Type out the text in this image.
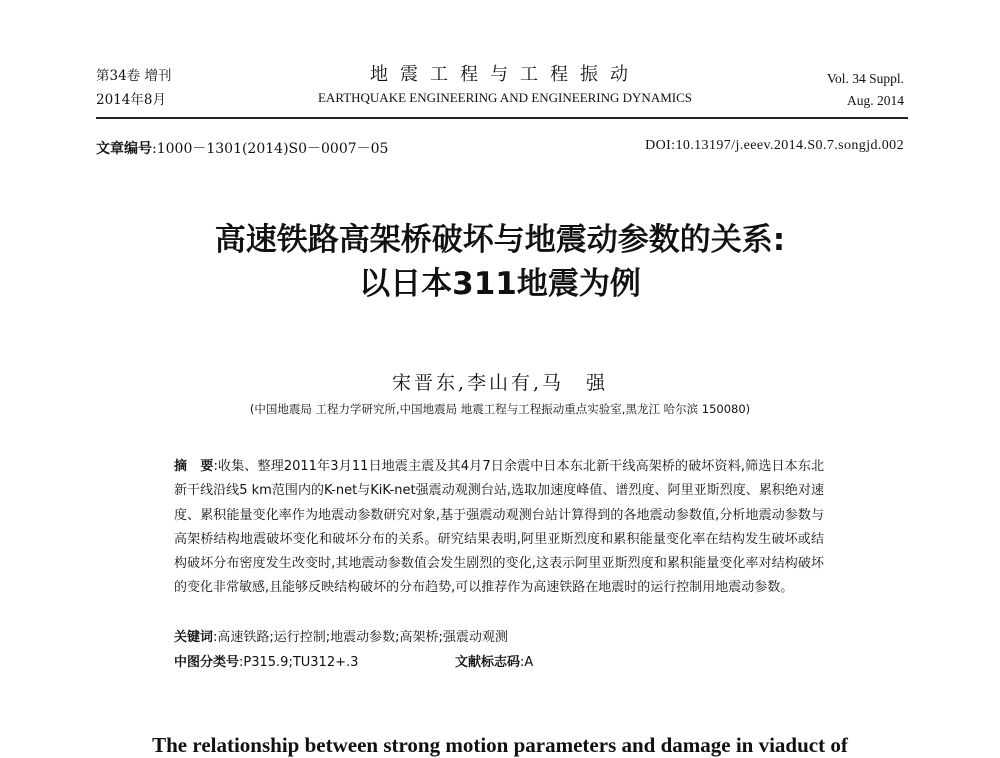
第34卷 增刊
2014年8月
地震工程与工程振动
EARTHQUAKE ENGINEERING AND ENGINEERING DYNAMICS
Vol. 34 Suppl.
Aug. 2014
文章编号:1000－1301(2014)S0－0007－05	DOI:10.13197/j.eeev.2014.S0.7.songjd.002
高速铁路高架桥破坏与地震动参数的关系:
以日本311地震为例
宋晋东,李山有,马　强
(中国地震局 工程力学研究所,中国地震局 地震工程与工程振动重点实验室,黑龙江 哈尔滨 150080)
摘　要:收集、整理2011年3月11日地震主震及其4月7日余震中日本东北新干线高架桥的破坏资料,筛选日本东北新干线沿线5 km范围内的K-net与KiK-net强震动观测台站,选取加速度峰值、谱烈度、阿里亚斯烈度、累积绝对速度、累积能量变化率作为地震动参数研究对象,基于强震动观测台站计算得到的各地震动参数值,分析地震动参数与高架桥结构地震破坏变化和破坏分布的关系。研究结果表明,阿里亚斯烈度和累积能量变化率在结构发生破坏或结构破坏分布密度发生改变时,其地震动参数值会发生剧烈的变化,这表示阿里亚斯烈度和累积能量变化率对结构破坏的变化非常敏感,且能够反映结构破坏的分布趋势,可以推荐作为高速铁路在地震时的运行控制用地震动参数。
关键词:高速铁路;运行控制;地震动参数;高架桥;强震动观测
中图分类号:P315.9;TU312+.3	文献标志码:A
The relationship between strong motion parameters and damage in viaduct of
